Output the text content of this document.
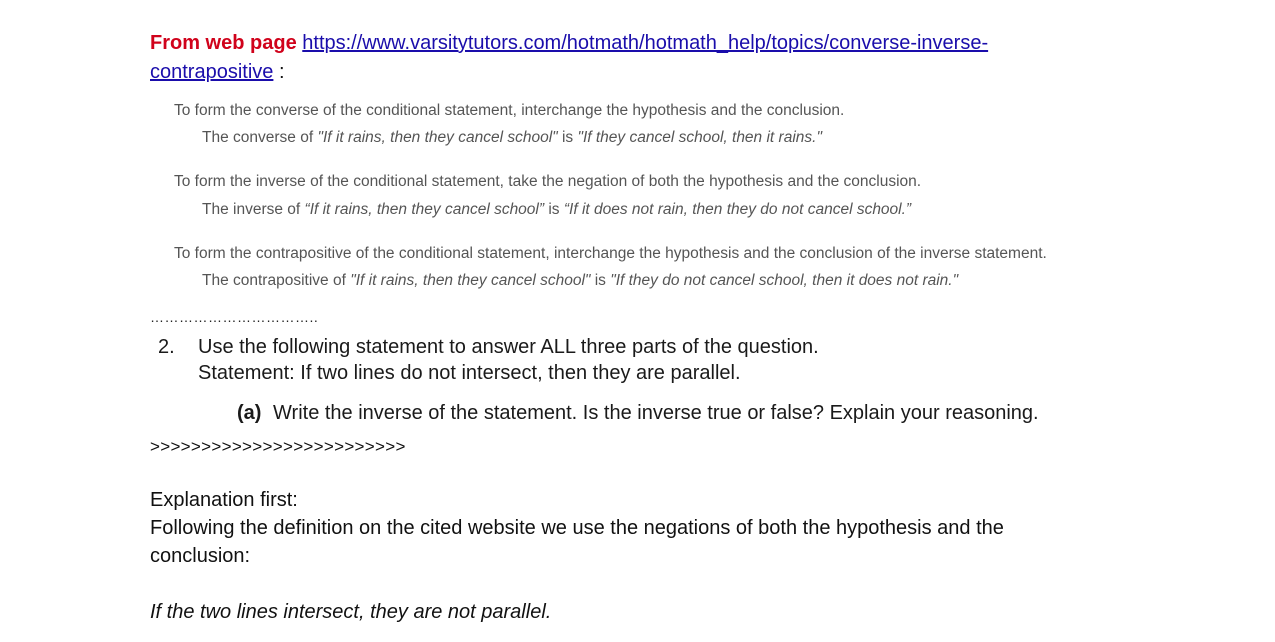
From web page https://www.varsitytutors.com/hotmath/hotmath_help/topics/converse-inverse-
contrapositive :
To form the converse of the conditional statement, interchange the hypothesis and the conclusion.
The converse of "If it rains, then they cancel school" is "If they cancel school, then it rains."
To form the inverse of the conditional statement, take the negation of both the hypothesis and the conclusion.
The inverse of “If it rains, then they cancel school” is “If it does not rain, then they do not cancel school.”
To form the contrapositive of the conditional statement, interchange the hypothesis and the conclusion of the inverse statement.
The contrapositive of "If it rains, then they cancel school" is "If they do not cancel school, then it does not rain."
……………………………..
2. Use the following statement to answer ALL three parts of the question.
Statement: If two lines do not intersect, then they are parallel.
(a) Write the inverse of the statement. Is the inverse true or false? Explain your reasoning.
>>>>>>>>>>>>>>>>>>>>>>>>>
Explanation first:
Following the definition on the cited website we use the negations of both the hypothesis and the
conclusion:
If the two lines intersect, they are not parallel.
